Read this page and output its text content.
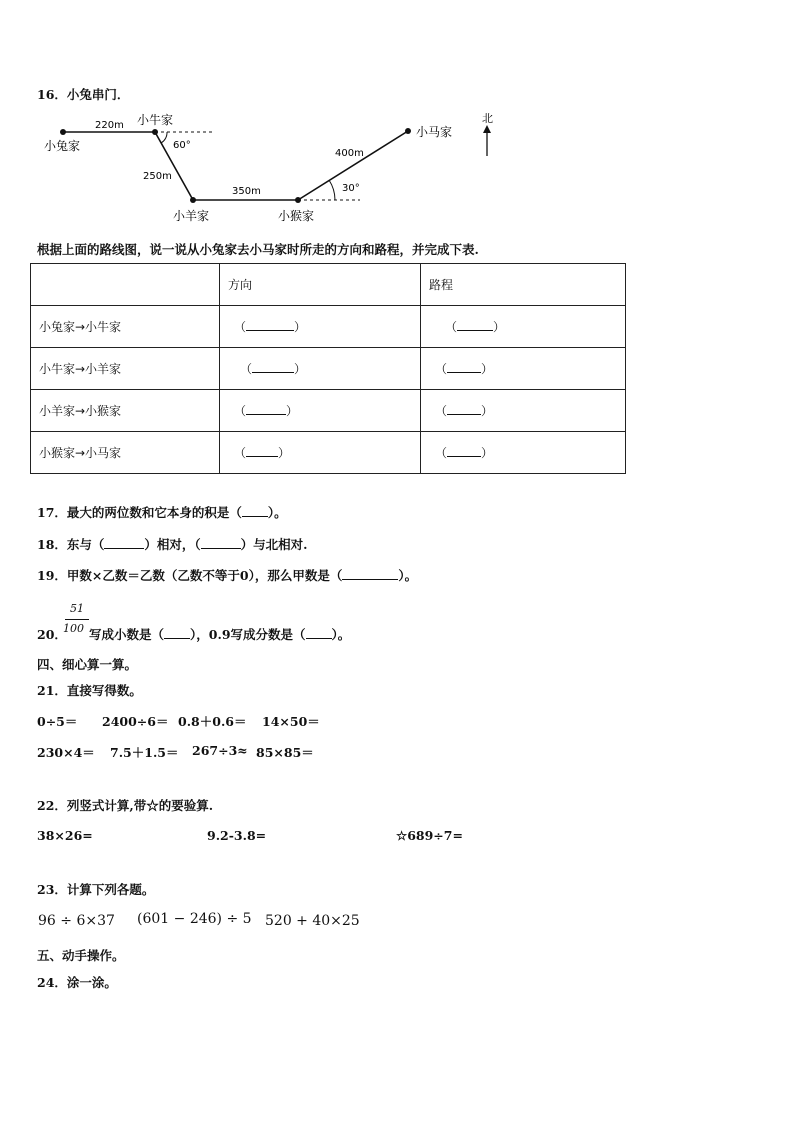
16．小兔串门．
小兔家
小牛家
小羊家	小猴家
小马家
220m
250m
350m
400m
60°
30°
北
根据上面的路线图，说一说从小兔家去小马家时所走的方向和路程，并完成下表.
	方向	路程
小兔家→小牛家	（ ）	（ ）
小牛家→小羊家	（ ）	（ ）
小羊家→小猴家	（ ）	（ ）
小猴家→小马家	（ ）	（ ）
17．最大的两位数和它本身的积是（ ）。
18．东与（	）相对，（	）与北相对.
19．甲数×乙数＝乙数（乙数不等于0），那么甲数是（	）。
51
100
20． 写成小数是（ ），0.9写成分数是（ ）。
四、细心算一算。
21．直接写得数。
0÷5＝ 2400÷6＝ 0.8＋0.6＝ 14×50＝
230×4＝ 7.5＋1.5＝ 267÷3≈ 85×85＝
22．列竖式计算,带☆的要验算.
38×26=	9.2-3.8=	☆689÷7=
23．计算下列各题。
96 ÷ 6×37 (601 − 246) ÷ 5 520 + 40×25
五、动手操作。
24．涂一涂。
